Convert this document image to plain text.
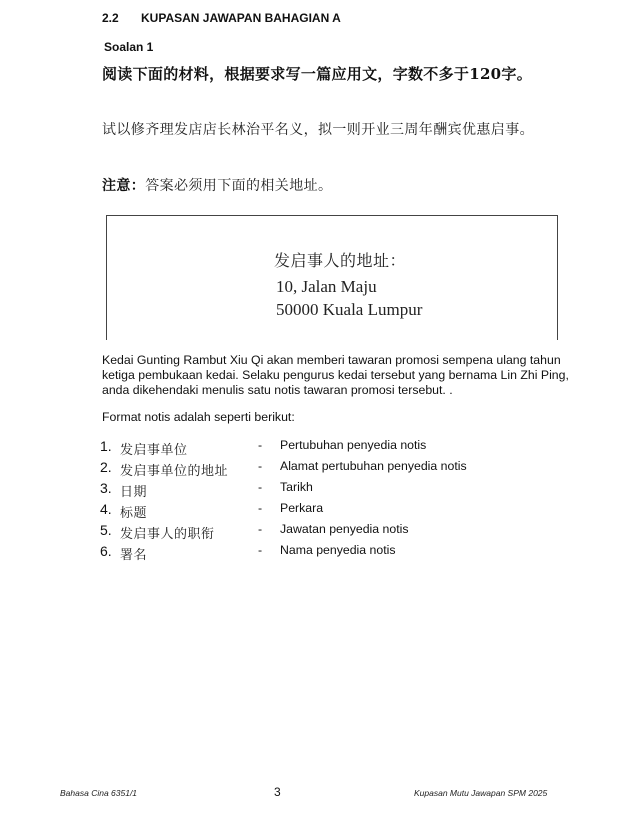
2.2 KUPASAN JAWAPAN BAHAGIAN A
Soalan 1
阅读下面的材料，根据要求写一篇应用文，字数不多于120字。
试以修齐理发店店长林治平名义，拟一则开业三周年酬宾优惠启事。
注意：答案必须用下面的相关地址。
发启事人的地址：
10, Jalan Maju
50000 Kuala Lumpur
Kedai Gunting Rambut Xiu Qi akan memberi tawaran promosi sempena ulang tahun ketiga pembukaan kedai. Selaku pengurus kedai tersebut yang bernama Lin Zhi Ping, anda dikehendaki menulis satu notis tawaran promosi tersebut. .
Format notis adalah seperti berikut:
1. 发启事单位	- Pertubuhan penyedia notis
2. 发启事单位的地址 - Alamat pertubuhan penyedia notis
3. 日期	- Tarikh
4. 标题	- Perkara
5. 发启事人的职衔	- Jawatan penyedia notis
6. 署名	- Nama penyedia notis
Bahasa Cina 6351/1	3	Kupasan Mutu Jawapan SPM 2025
